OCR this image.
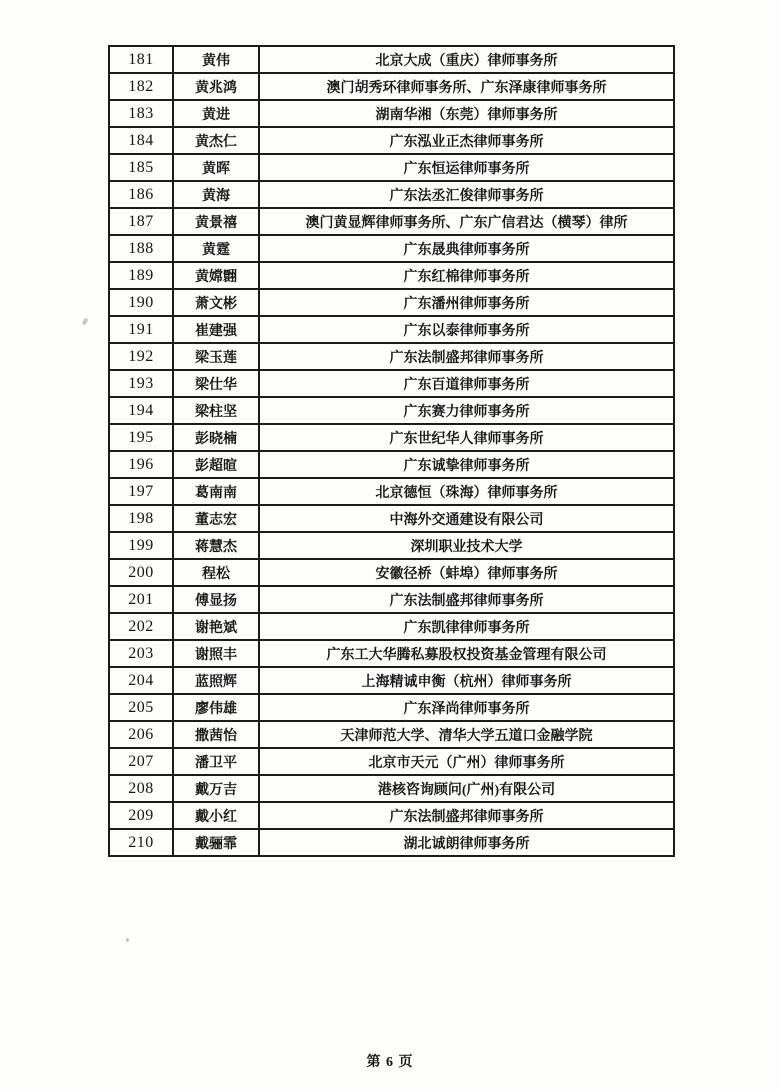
181	黄伟	北京大成（重庆）律师事务所
182	黄兆鸿	澳门胡秀环律师事务所、广东泽康律师事务所
183	黄进	湖南华湘（东莞）律师事务所
184	黄杰仁	广东泓业正杰律师事务所
185	黄晖	广东恒运律师事务所
186	黄海	广东法丞汇俊律师事务所
187	黄景禧	澳门黄显辉律师事务所、广东广信君达（横琴）律所
188	黄霆	广东晟典律师事务所
189	黄嫦翾	广东红棉律师事务所
190	萧文彬	广东潘州律师事务所
191	崔建强	广东以泰律师事务所
192	梁玉莲	广东法制盛邦律师事务所
193	梁仕华	广东百道律师事务所
194	梁柱坚	广东赛力律师事务所
195	彭晓楠	广东世纪华人律师事务所
196	彭超暄	广东诚挚律师事务所
197	葛南南	北京德恒（珠海）律师事务所
198	董志宏	中海外交通建设有限公司
199	蒋慧杰	深圳职业技术大学
200	程松	安徽径桥（蚌埠）律师事务所
201	傅显扬	广东法制盛邦律师事务所
202	谢艳斌	广东凯律律师事务所
203	谢照丰	广东工大华腾私募股权投资基金管理有限公司
204	蓝照辉	上海精诚申衡（杭州）律师事务所
205	廖伟雄	广东泽尚律师事务所
206	撒茜怡	天津师范大学、清华大学五道口金融学院
207	潘卫平	北京市天元（广州）律师事务所
208	戴万吉	港核咨询顾问(广州)有限公司
209	戴小红	广东法制盛邦律师事务所
210	戴骊霏	湖北诚朗律师事务所
第 6 页
